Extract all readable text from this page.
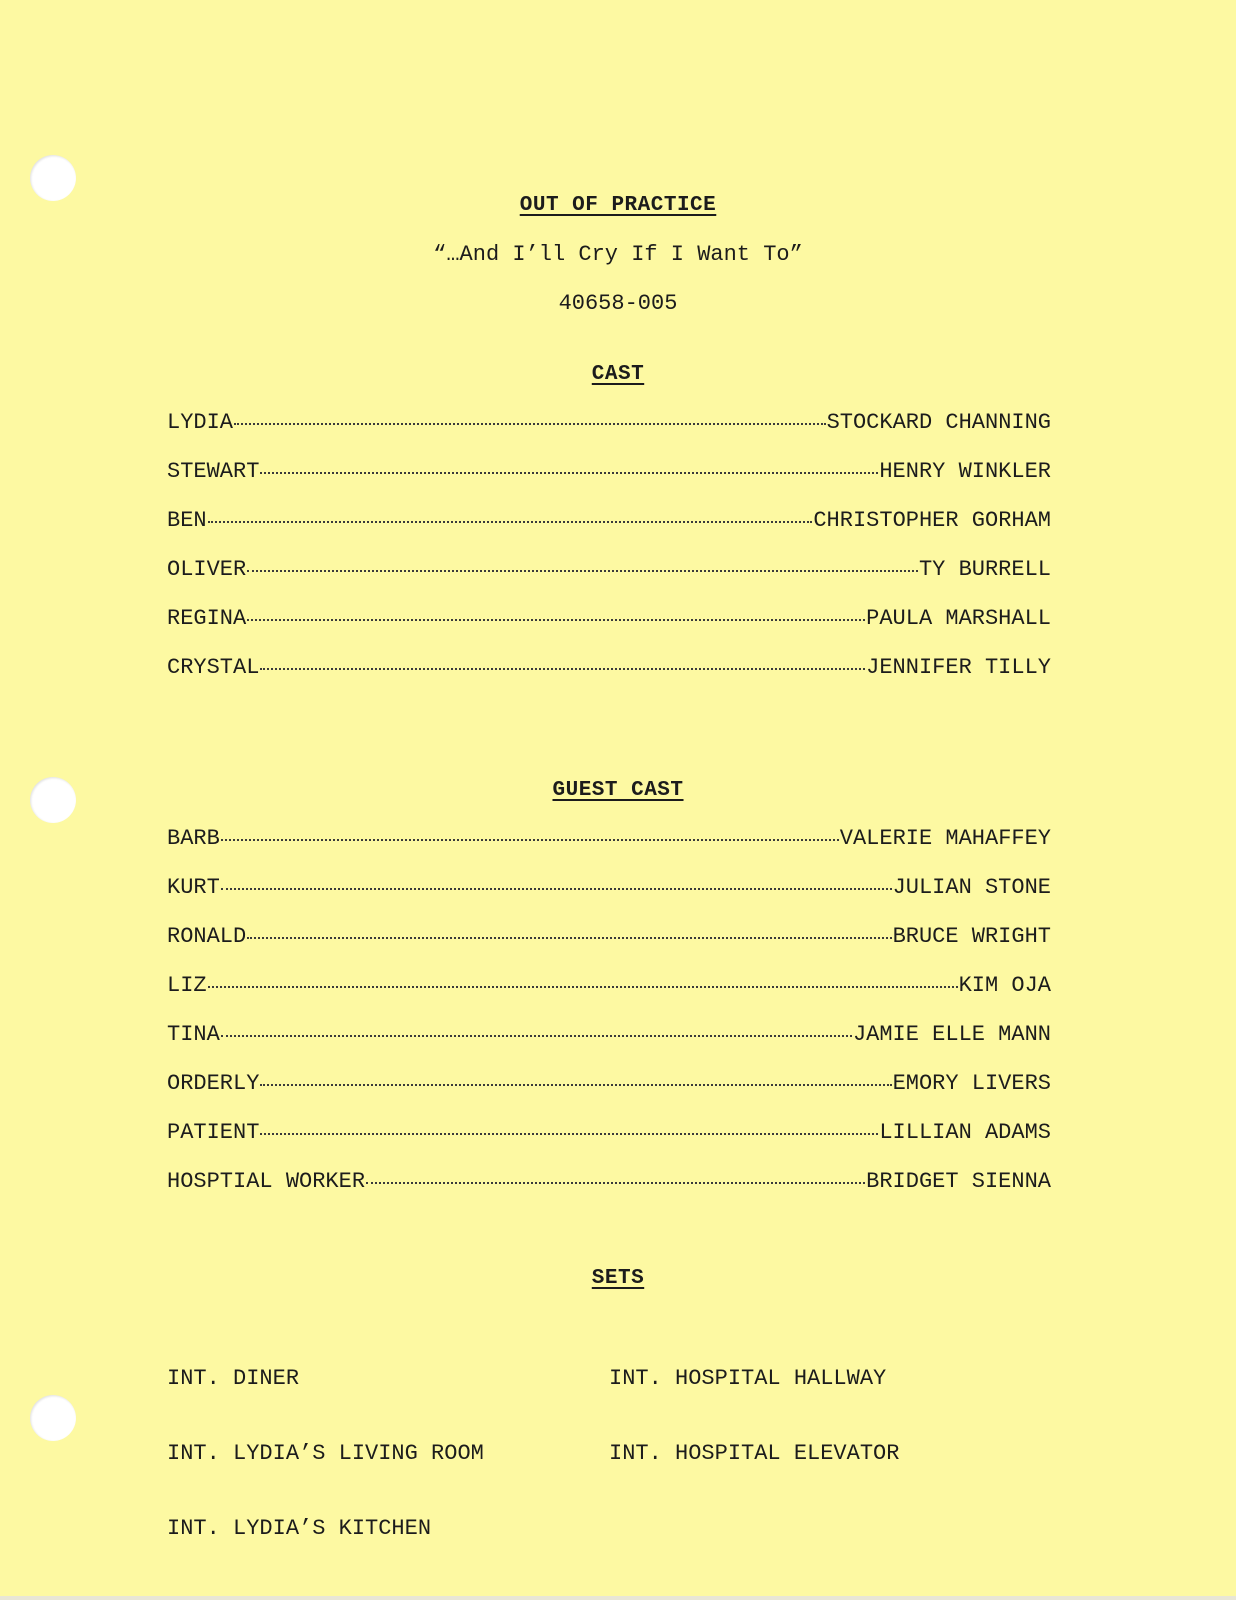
OUT OF PRACTICE
“…And I’ll Cry If I Want To”
40658-005
CAST
LYDIA	STOCKARD CHANNING
STEWART	HENRY WINKLER
BEN	CHRISTOPHER GORHAM
OLIVER	TY BURRELL
REGINA	PAULA MARSHALL
CRYSTAL	JENNIFER TILLY
GUEST CAST
BARB	VALERIE MAHAFFEY
KURT	JULIAN STONE
RONALD	BRUCE WRIGHT
LIZ	KIM OJA
TINA	JAMIE ELLE MANN
ORDERLY	EMORY LIVERS
PATIENT	LILLIAN ADAMS
HOSPTIAL WORKER	BRIDGET SIENNA
SETS

INT. DINER

INT. LYDIA’S LIVING ROOM

INT. LYDIA’S KITCHEN

INT. HOSPITAL HALLWAY

INT. HOSPITAL ELEVATOR
